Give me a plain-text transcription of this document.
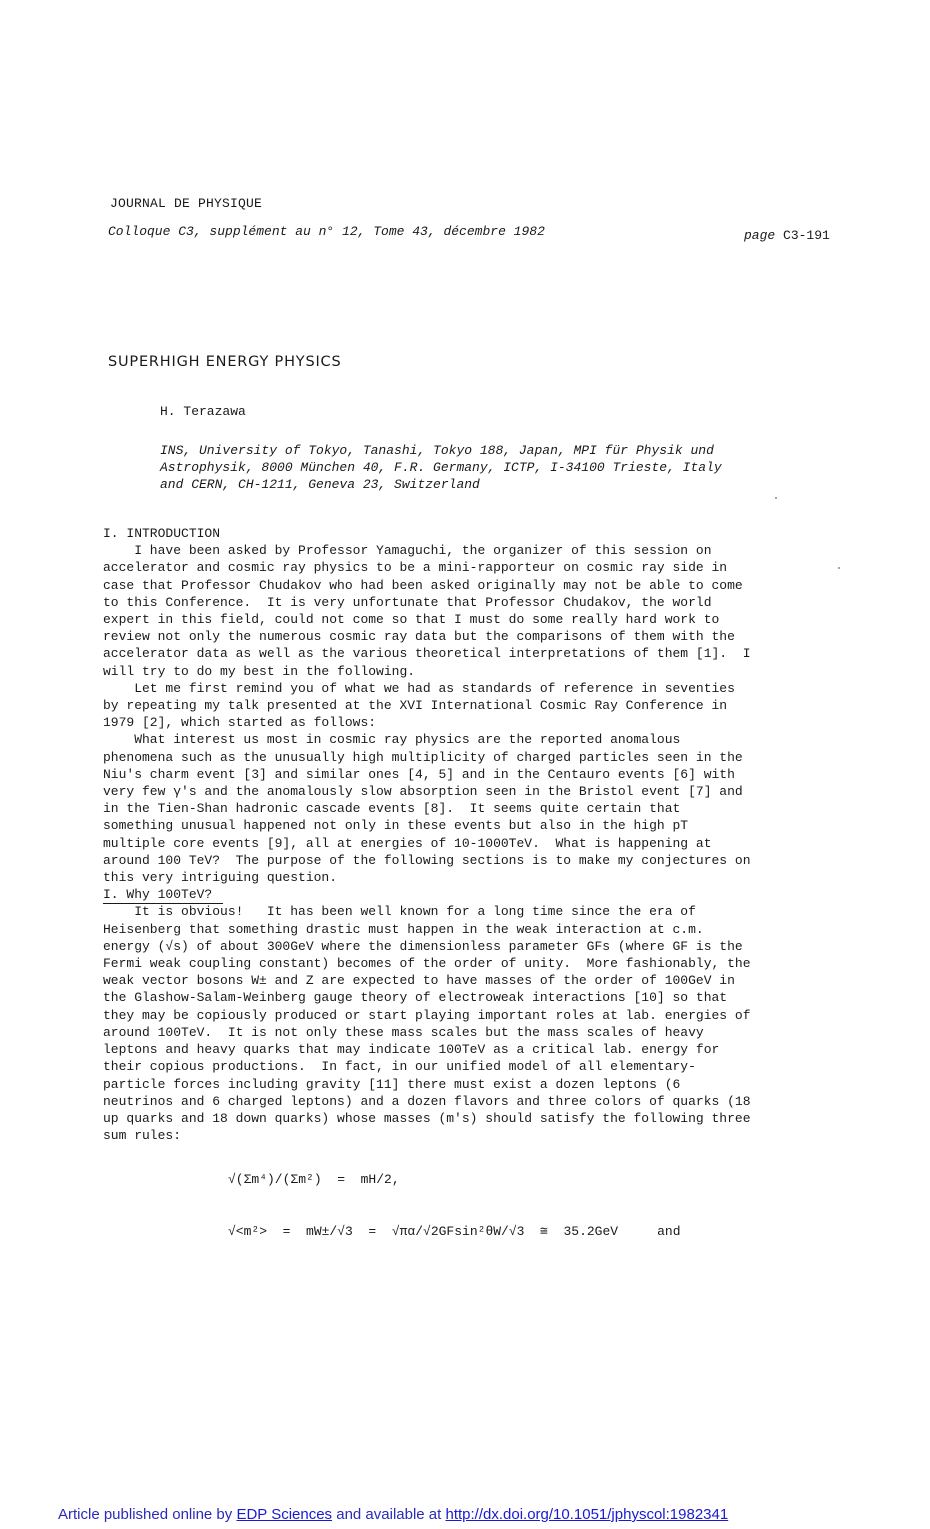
JOURNAL DE PHYSIQUE
Colloque C3, supplément au n° 12, Tome 43, décembre 1982	page C3-191
SUPERHIGH ENERGY PHYSICS
H. Terazawa
INS, University of Tokyo, Tanashi, Tokyo 188, Japan, MPI für Physik und
Astrophysik, 8000 München 40, F.R. Germany, ICTP, I-34100 Trieste, Italy
and CERN, CH-1211, Geneva 23, Switzerland
I. INTRODUCTION
I have been asked by Professor Yamaguchi, the organizer of this session on
accelerator and cosmic ray physics to be a mini-rapporteur on cosmic ray side in
case that Professor Chudakov who had been asked originally may not be able to come
to this Conference.  It is very unfortunate that Professor Chudakov, the world
expert in this field, could not come so that I must do some really hard work to
review not only the numerous cosmic ray data but the comparisons of them with the
accelerator data as well as the various theoretical interpretations of them [1].  I
will try to do my best in the following.
Let me first remind you of what we had as standards of reference in seventies
by repeating my talk presented at the XVI International Cosmic Ray Conference in
1979 [2], which started as follows:
What interest us most in cosmic ray physics are the reported anomalous
phenomena such as the unusually high multiplicity of charged particles seen in the
Niu's charm event [3] and similar ones [4, 5] and in the Centauro events [6] with
very few γ's and the anomalously slow absorption seen in the Bristol event [7] and
in the Tien-Shan hadronic cascade events [8].  It seems quite certain that
something unusual happened not only in these events but also in the high pT
multiple core events [9], all at energies of 10-1000TeV.  What is happening at
around 100 TeV?  The purpose of the following sections is to make my conjectures on
this very intriguing question.
I. Why 100TeV?
It is obvious!   It has been well known for a long time since the era of
Heisenberg that something drastic must happen in the weak interaction at c.m.
energy (√s) of about 300GeV where the dimensionless parameter GFs (where GF is the
Fermi weak coupling constant) becomes of the order of unity.  More fashionably, the
weak vector bosons W± and Z are expected to have masses of the order of 100GeV in
the Glashow-Salam-Weinberg gauge theory of electroweak interactions [10] so that
they may be copiously produced or start playing important roles at lab. energies of
around 100TeV.  It is not only these mass scales but the mass scales of heavy
leptons and heavy quarks that may indicate 100TeV as a critical lab. energy for
their copious productions.  In fact, in our unified model of all elementary-
particle forces including gravity [11] there must exist a dozen leptons (6
neutrinos and 6 charged leptons) and a dozen flavors and three colors of quarks (18
up quarks and 18 down quarks) whose masses (m's) should satisfy the following three
sum rules:
√(Σm⁴)/(Σm²)  =  mH/2,
√<m²>  =  mW±/√3  =  √πα/√2GFsin²θW/√3  ≅  35.2GeV     and
Article published online by EDP Sciences and available at http://dx.doi.org/10.1051/jphyscol:1982341
